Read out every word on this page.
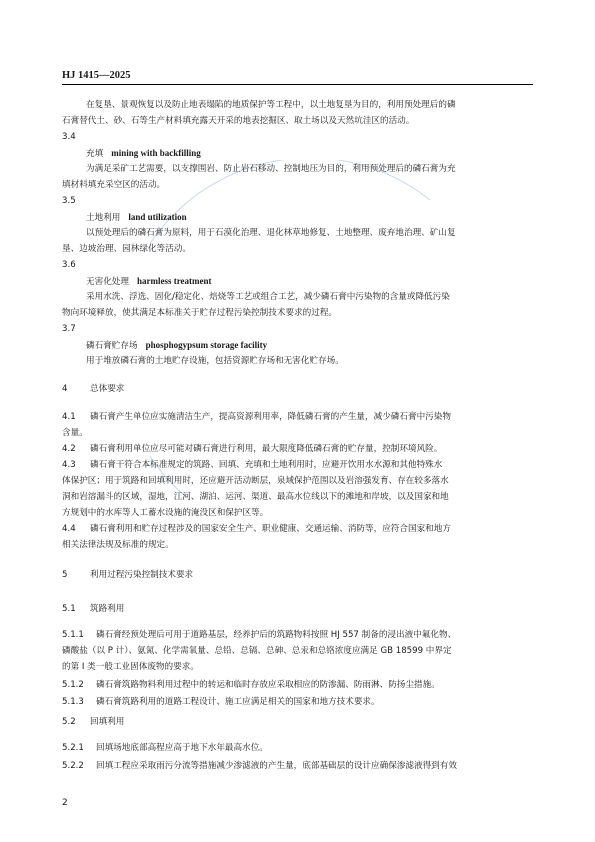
HJ 1415—2025
在复垦、景观恢复以及防止地表塌陷的地质保护等工程中，以土地复垦为目的，利用预处理后的磷
石膏替代土、砂、石等生产材料填充露天开采的地表挖掘区、取土场以及天然坑洼区的活动。
3.4
充填 mining with backfilling
为满足采矿工艺需要，以支撑围岩、防止岩石移动、控制地压为目的，利用预处理后的磷石膏为充
填材料填充采空区的活动。
3.5
土地利用 land utilization
以预处理后的磷石膏为原料，用于石漠化治理、退化林草地修复、土地整理、废弃地治理、矿山复
垦、边坡治理、园林绿化等活动。
3.6
无害化处理 harmless treatment
采用水洗、浮选、固化/稳定化、焙烧等工艺或组合工艺，减少磷石膏中污染物的含量或降低污染
物向环境释放，使其满足本标准关于贮存过程污染控制技术要求的过程。
3.7
磷石膏贮存场 phosphogypsum storage facility
用于堆放磷石膏的土地贮存设施，包括资源贮存场和无害化贮存场。
4	总体要求
4.1 磷石膏产生单位应实施清洁生产，提高资源利用率，降低磷石膏的产生量，减少磷石膏中污染物
含量。
4.2 磷石膏利用单位应尽可能对磷石膏进行利用，最大限度降低磷石膏的贮存量，控制环境风险。
4.3 磷石膏干符合本标准规定的筑路、回填、充填和土地利用时，应避开饮用水水源和其他特殊水
体保护区；用于筑路和回填利用时，还应避开活动断层，泉域保护范围以及岩溶强发育、存在较多落水
洞和岩溶漏斗的区域，湿地，江河、湖泊、运河、渠道、最高水位线以下的滩地和岸坡，以及国家和地
方规划中的水库等人工蓄水设施的淹没区和保护区等。
4.4 磷石膏利用和贮存过程涉及的国家安全生产、职业健康、交通运输、消防等，应符合国家和地方
相关法律法规及标准的规定。
5	利用过程污染控制技术要求
5.1 筑路利用
5.1.1 磷石膏经预处理后可用于道路基层，经养护后的筑路物料按照 HJ 557 制备的浸出液中氟化物、
磷酸盐（以 P 计）、氨氮、化学需氧量、总铅、总镉、总砷、总汞和总铬浓度应满足 GB 18599 中界定
的第 I 类一般工业固体废物的要求。
5.1.2 磷石膏筑路物料利用过程中的转运和临时存放应采取相应的防渗漏、防雨淋、防扬尘措施。
5.1.3 磷石膏筑路利用的道路工程设计、施工应满足相关的国家和地方技术要求。
5.2 回填利用
5.2.1 回填场地底部高程应高于地下水年最高水位。
5.2.2 回填工程应采取雨污分流等措施减少渗滤液的产生量，底部基础层的设计应确保渗滤液得到有效
2
